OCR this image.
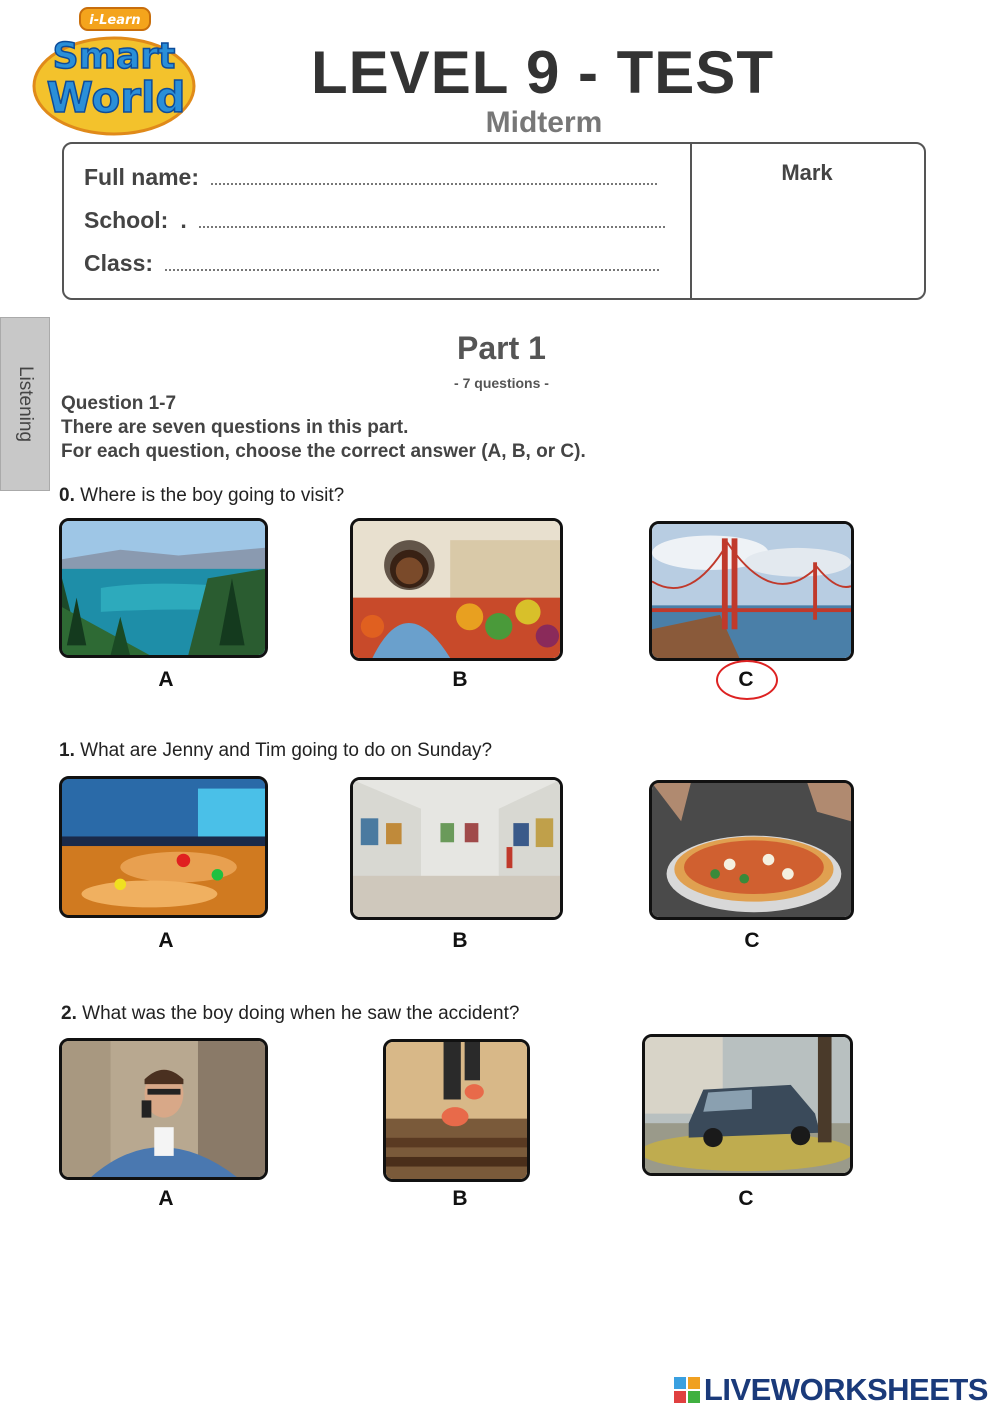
i-Learn
Smart
World	LEVEL 9 - TEST
Midterm
Full name:
School: .
Class:
Mark
Listening
Part 1
- 7 questions -
Question 1-7
There are seven questions in this part.
For each question, choose the correct answer (A, B, or C).
0. Where is the boy going to visit?
A	B	C
1. What are Jenny and Tim going to do on Sunday?
A	B	C
2. What was the boy doing when he saw the accident?
A	B	C
LIVEWORKSHEETS
